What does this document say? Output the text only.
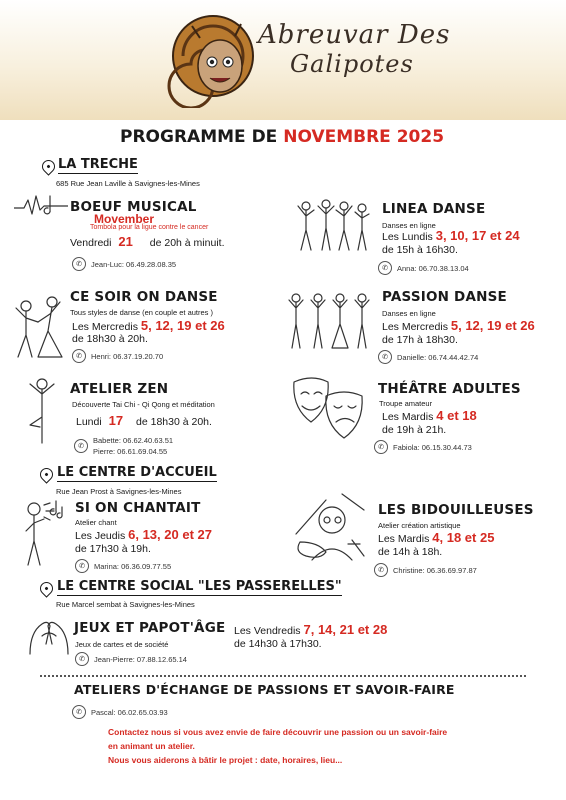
Abreuvar Des
Galipotes
PROGRAMME DE NOVEMBRE 2025
LA TRECHE
685 Rue Jean Laville à Savignes-les-Mines
BOEUF MUSICAL
Movember
Tombola pour la ligue contre le cancer
Vendredi 21 de 20h à minuit.
✆	Jean-Luc: 06.49.28.08.35
LINEA DANSE
Danses en ligne
Les Lundis 3, 10, 17 et 24
de 15h à 16h30.
✆	Anna: 06.70.38.13.04
CE SOIR ON DANSE
Tous styles de danse (en couple et autres )
Les Mercredis 5, 12, 19 et 26
de 18h30 à 20h.
✆	Henri: 06.37.19.20.70
PASSION DANSE
Danses en ligne
Les Mercredis 5, 12, 19 et 26
de 17h à 18h30.
✆	Danielle: 06.74.44.42.74
ATELIER ZEN
Découverte Tai Chi - Qi Qong et méditation
Lundi 17 de 18h30 à 20h.
✆
Babette: 06.62.40.63.51
Pierre: 06.61.69.04.55
THÉÂTRE ADULTES
Troupe amateur
Les Mardis 4 et 18
de 19h à 21h.
✆	Fabiola: 06.15.30.44.73
LE CENTRE D'ACCUEIL
Rue Jean Prost à Savignes-les-Mines
SI ON CHANTAIT
Atelier chant
Les Jeudis 6, 13, 20 et 27
de 17h30 à 19h.
✆	Marina: 06.36.09.77.55
LES BIDOUILLEUSES
Atelier création artistique
Les Mardis 4, 18 et 25
de 14h à 18h.
✆	Christine: 06.36.69.97.87
LE CENTRE SOCIAL "LES PASSERELLES"
Rue Marcel sembat à Savignes-les-Mines
JEUX ET PAPOT'ÂGE
Jeux de cartes et de société
Les Vendredis 7, 14, 21 et 28
de 14h30 à 17h30.
✆	Jean-Pierre: 07.88.12.65.14
ATELIERS D'ÉCHANGE DE PASSIONS ET SAVOIR-FAIRE
✆	Pascal: 06.02.65.03.93
Contactez nous si vous avez envie de faire découvrir une passion ou un savoir-faire
en animant un atelier.
Nous vous aiderons à bâtir le projet : date, horaires, lieu...
